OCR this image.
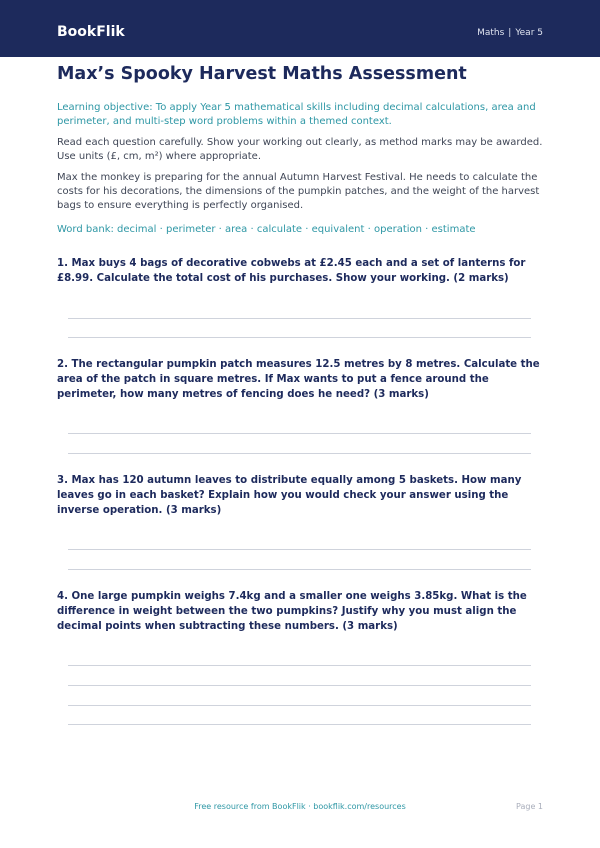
BookFlik	Maths | Year 5
Max’s Spooky Harvest Maths Assessment

Learning objective: To apply Year 5 mathematical skills including decimal calculations, area and perimeter, and multi-step word problems within a themed context.

Read each question carefully. Show your working out clearly, as method marks may be awarded. Use units (£, cm, m²) where appropriate.

Max the monkey is preparing for the annual Autumn Harvest Festival. He needs to calculate the costs for his decorations, the dimensions of the pumpkin patches, and the weight of the harvest bags to ensure everything is perfectly organised.

Word bank: decimal · perimeter · area · calculate · equivalent · operation · estimate

1. Max buys 4 bags of decorative cobwebs at £2.45 each and a set of lanterns for £8.99. Calculate the total cost of his purchases. Show your working. (2 marks)

2. The rectangular pumpkin patch measures 12.5 metres by 8 metres. Calculate the area of the patch in square metres. If Max wants to put a fence around the perimeter, how many metres of fencing does he need? (3 marks)

3. Max has 120 autumn leaves to distribute equally among 5 baskets. How many leaves go in each basket? Explain how you would check your answer using the inverse operation. (3 marks)

4. One large pumpkin weighs 7.4kg and a smaller one weighs 3.85kg. What is the difference in weight between the two pumpkins? Justify why you must align the decimal points when subtracting these numbers. (3 marks)

Free resource from BookFlik · bookflik.com/resources	Page 1
